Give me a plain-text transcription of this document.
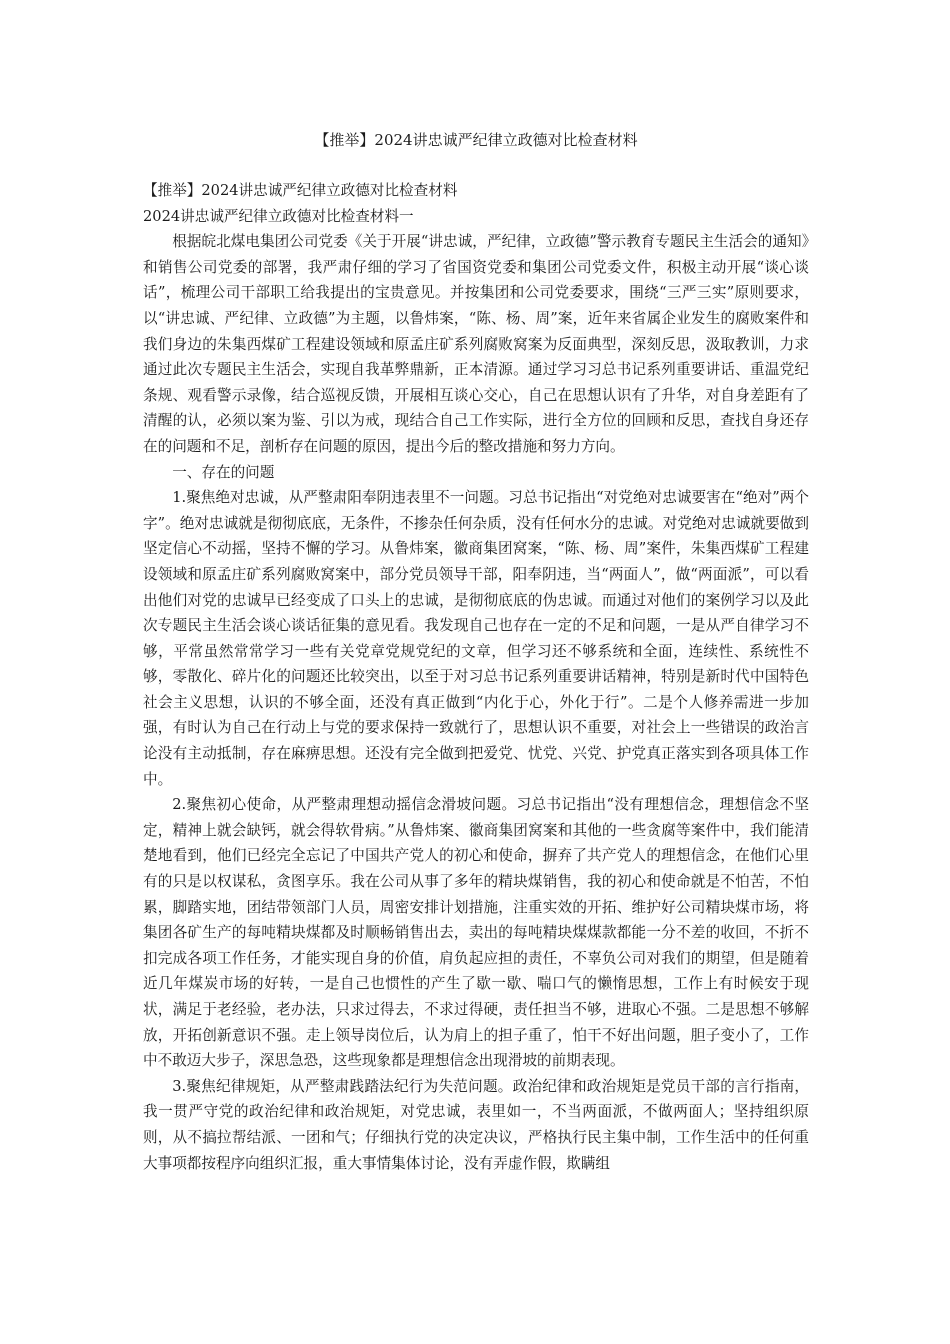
【推举】2024讲忠诚严纪律立政德对比检查材料

【推举】2024讲忠诚严纪律立政德对比检查材料

2024讲忠诚严纪律立政德对比检查材料一

根据皖北煤电集团公司党委《关于开展“讲忠诚，严纪律，立政德”警示教育专题民主生活会的通知》和销售公司党委的部署，我严肃仔细的学习了省国资党委和集团公司党委文件，积极主动开展“谈心谈话”，梳理公司干部职工给我提出的宝贵意见。并按集团和公司党委要求，围绕“三严三实”原则要求，以“讲忠诚、严纪律、立政德”为主题，以鲁炜案，“陈、杨、周”案，近年来省属企业发生的腐败案件和我们身边的朱集西煤矿工程建设领域和原孟庄矿系列腐败窝案为反面典型，深刻反思，汲取教训，力求通过此次专题民主生活会，实现自我革弊鼎新，正本清源。通过学习习总书记系列重要讲话、重温党纪条规、观看警示录像，结合巡视反馈，开展相互谈心交心，自己在思想认识有了升华，对自身差距有了清醒的认，必须以案为鉴、引以为戒，现结合自己工作实际，进行全方位的回顾和反思，查找自身还存在的问题和不足，剖析存在问题的原因，提出今后的整改措施和努力方向。

一、存在的问题

1.聚焦绝对忠诚，从严整肃阳奉阴违表里不一问题。习总书记指出“对党绝对忠诚要害在“绝对”两个字”。绝对忠诚就是彻彻底底，无条件，不掺杂任何杂质，没有任何水分的忠诚。对党绝对忠诚就要做到坚定信心不动摇，坚持不懈的学习。从鲁炜案，徽商集团窝案，“陈、杨、周”案件，朱集西煤矿工程建设领域和原孟庄矿系列腐败窝案中，部分党员领导干部，阳奉阴违，当“两面人”，做“两面派”，可以看出他们对党的忠诚早已经变成了口头上的忠诚，是彻彻底底的伪忠诚。而通过对他们的案例学习以及此次专题民主生活会谈心谈话征集的意见看。我发现自己也存在一定的不足和问题，一是从严自律学习不够，平常虽然常常学习一些有关党章党规党纪的文章，但学习还不够系统和全面，连续性、系统性不够，零散化、碎片化的问题还比较突出，以至于对习总书记系列重要讲话精神，特别是新时代中国特色社会主义思想，认识的不够全面，还没有真正做到“内化于心，外化于行”。二是个人修养需进一步加强，有时认为自己在行动上与党的要求保持一致就行了，思想认识不重要，对社会上一些错误的政治言论没有主动抵制，存在麻痹思想。还没有完全做到把爱党、忧党、兴党、护党真正落实到各项具体工作中。

2.聚焦初心使命，从严整肃理想动摇信念滑坡问题。习总书记指出“没有理想信念，理想信念不坚定，精神上就会缺钙，就会得软骨病。”从鲁炜案、徽商集团窝案和其他的一些贪腐等案件中，我们能清楚地看到，他们已经完全忘记了中国共产党人的初心和使命，摒弃了共产党人的理想信念，在他们心里有的只是以权谋私，贪图享乐。我在公司从事了多年的精块煤销售，我的初心和使命就是不怕苦，不怕累，脚踏实地，团结带领部门人员，周密安排计划措施，注重实效的开拓、维护好公司精块煤市场，将集团各矿生产的每吨精块煤都及时顺畅销售出去，卖出的每吨精块煤煤款都能一分不差的收回，不折不扣完成各项工作任务，才能实现自身的价值，肩负起应担的责任，不辜负公司对我们的期望，但是随着近几年煤炭市场的好转，一是自己也惯性的产生了歇一歇、喘口气的懒惰思想，工作上有时候安于现状，满足于老经验，老办法，只求过得去，不求过得硬，责任担当不够，进取心不强。二是思想不够解放，开拓创新意识不强。走上领导岗位后，认为肩上的担子重了，怕干不好出问题，胆子变小了，工作中不敢迈大步子，深思急恐，这些现象都是理想信念出现滑坡的前期表现。

3.聚焦纪律规矩，从严整肃践踏法纪行为失范问题。政治纪律和政治规矩是党员干部的言行指南，我一贯严守党的政治纪律和政治规矩，对党忠诚，表里如一，不当两面派，不做两面人；坚持组织原则，从不搞拉帮结派、一团和气；仔细执行党的决定决议，严格执行民主集中制，工作生活中的任何重大事项都按程序向组织汇报，重大事情集体讨论，没有弄虚作假，欺瞒组
